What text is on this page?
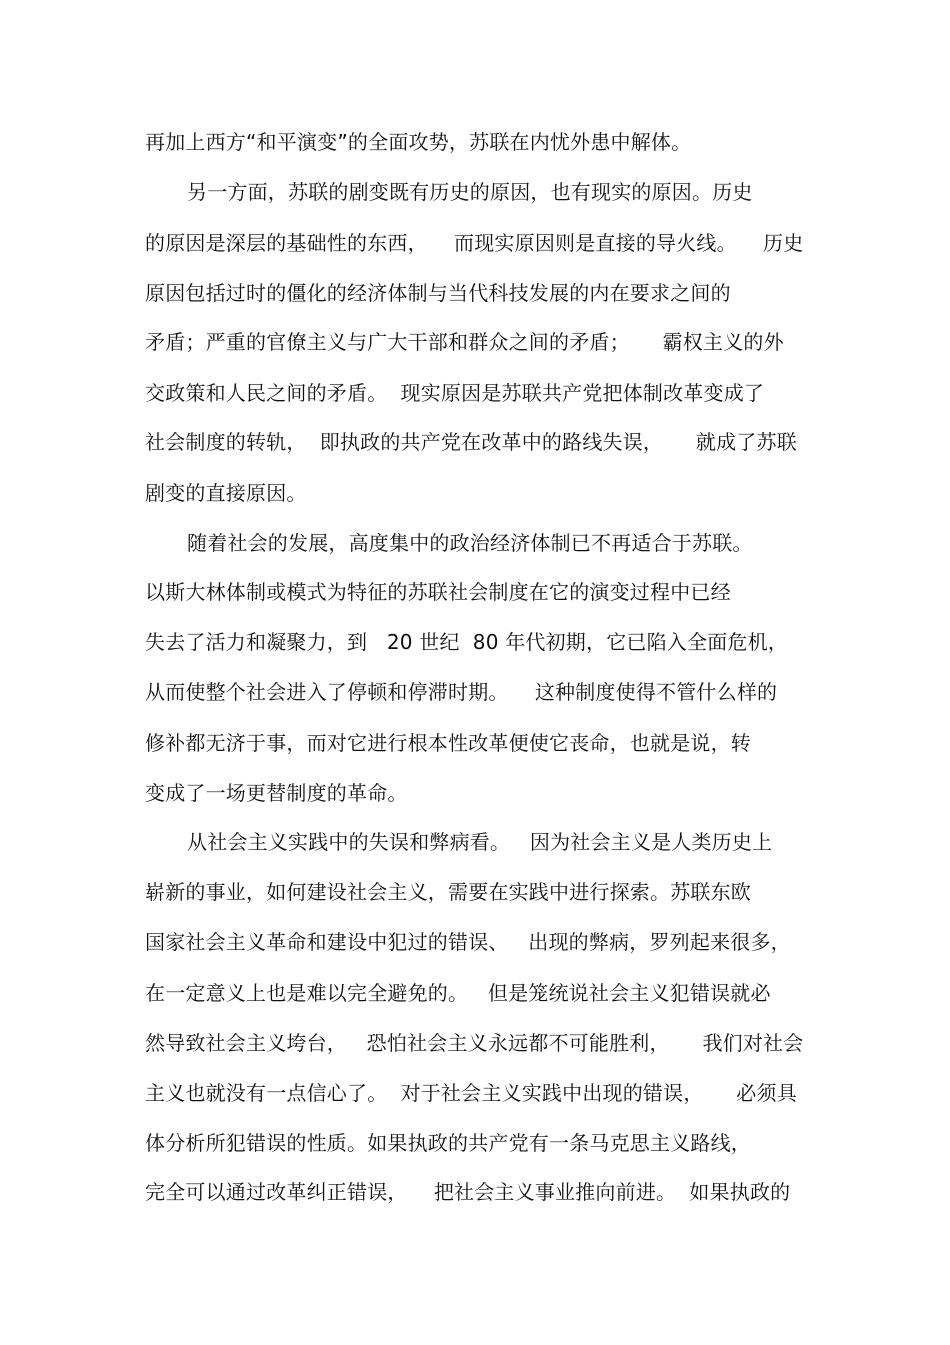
再加上西方“和平演变”的全面攻势，苏联在内忧外患中解体。
另一方面，苏联的剧变既有历史的原因，也有现实的原因。历史
的原因是深层的基础性的东西，    而现实原因则是直接的导火线。    历史
原因包括过时的僵化的经济体制与当代科技发展的内在要求之间的
矛盾；严重的官僚主义与广大干部和群众之间的矛盾；     霸权主义的外
交政策和人民之间的矛盾。  现实原因是苏联共产党把体制改革变成了
社会制度的转轨，  即执政的共产党在改革中的路线失误，     就成了苏联
剧变的直接原因。
随着社会的发展，高度集中的政治经济体制已不再适合于苏联。
以斯大林体制或模式为特征的苏联社会制度在它的演变过程中已经
失去了活力和凝聚力，到   20 世纪  80 年代初期，它已陷入全面危机，
从而使整个社会进入了停顿和停滞时期。    这种制度使得不管什么样的
修补都无济于事，而对它进行根本性改革便使它丧命，也就是说，转
变成了一场更替制度的革命。
从社会主义实践中的失误和弊病看。   因为社会主义是人类历史上
崭新的事业，如何建设社会主义，需要在实践中进行探索。苏联东欧
国家社会主义革命和建设中犯过的错误、   出现的弊病，罗列起来很多，
在一定意义上也是难以完全避免的。   但是笼统说社会主义犯错误就必
然导致社会主义垮台，   恐怕社会主义永远都不可能胜利，     我们对社会
主义也就没有一点信心了。  对于社会主义实践中出现的错误，     必须具
体分析所犯错误的性质。如果执政的共产党有一条马克思主义路线，
完全可以通过改革纠正错误，    把社会主义事业推向前进。  如果执政的
